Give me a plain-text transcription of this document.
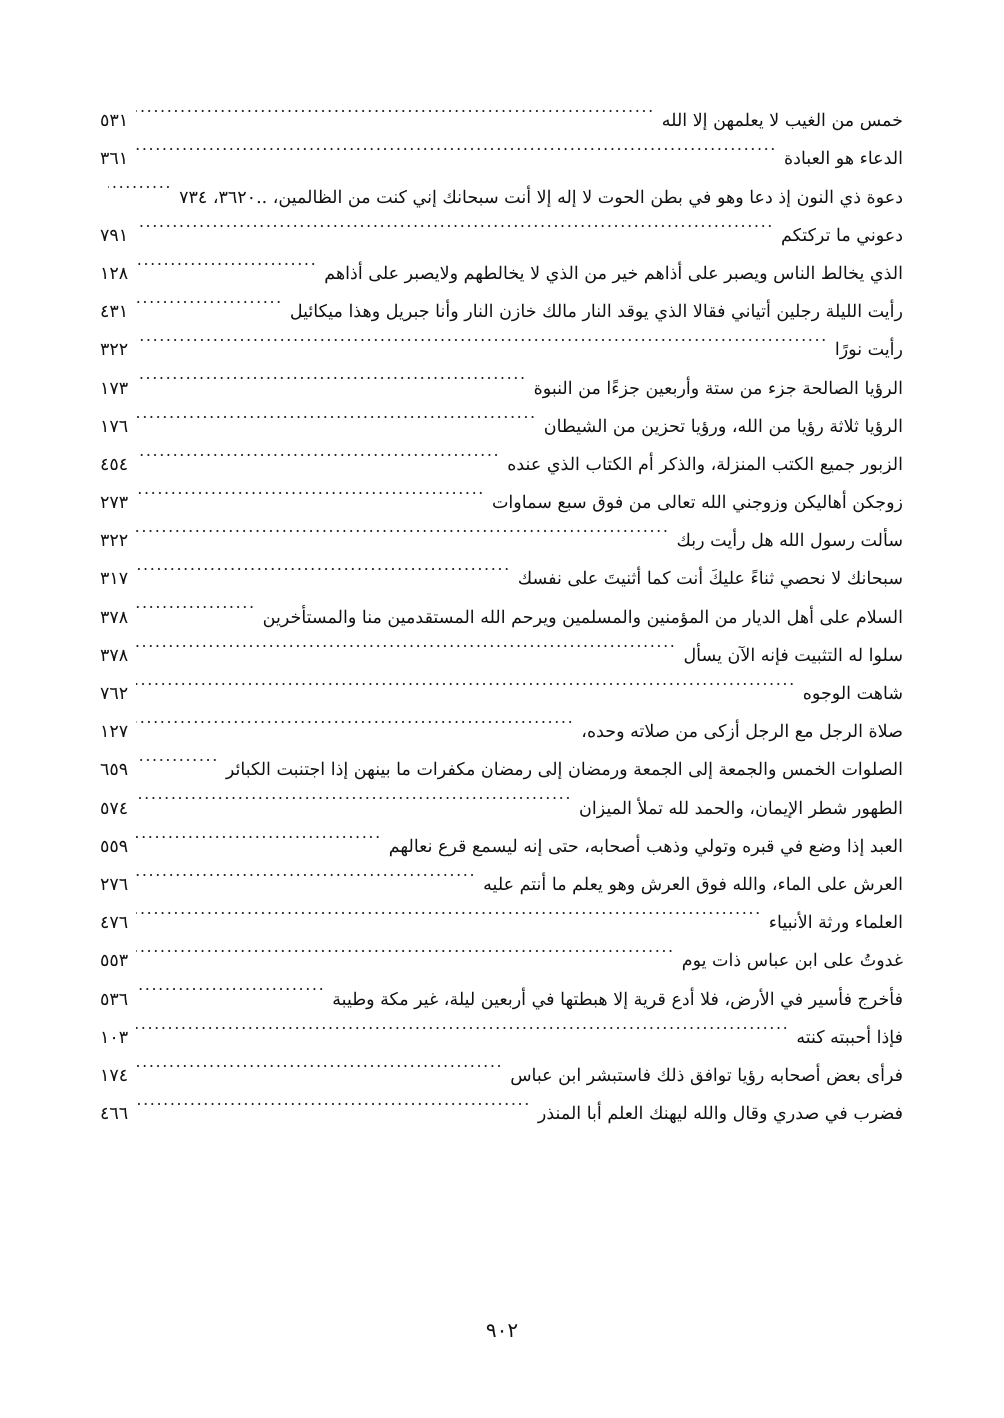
خمس من الغيب لا يعلمهن إلا الله
.....
٥٣١
الدعاء هو العبادة
.....
٣٦١
دعوة ذي النون إذ دعا وهو في بطن الحوت لا إله إلا أنت سبحانك إني كنت من الظالمين، ..٣٦٢٠، ٧٣٤
.....
دعوني ما تركتكم
.....
٧٩١
الذي يخالط الناس ويصبر على أذاهم خير من الذي لا يخالطهم ولايصبر على أذاهم
.....
١٢٨
رأيت الليلة رجلين أتياني فقالا الذي يوقد النار مالك خازن النار وأنا جبريل وهذا ميكائيل
.....
٤٣١
رأيت نورًا
.....
٣٢٢
الرؤيا الصالحة جزء من ستة وأربعين جزءًا من النبوة
.....
١٧٣
الرؤيا ثلاثة رؤيا من الله، ورؤيا تحزين من الشيطان
.....
١٧٦
الزبور جميع الكتب المنزلة، والذكر أم الكتاب الذي عنده
.....
٤٥٤
زوجكن أهاليكن وزوجني الله تعالى من فوق سبع سماوات
.....
٢٧٣
سألت رسول الله هل رأيت ربك
.....
٣٢٢
سبحانك لا نحصي ثناءً عليكَ أنت كما أثنيتَ على نفسك
.....
٣١٧
السلام على أهل الديار من المؤمنين والمسلمين ويرحم الله المستقدمين منا والمستأخرين
.....
٣٧٨
سلوا له التثبيت فإنه الآن يسأل
.....
٣٧٨
شاهت الوجوه
.....
٧٦٢
صلاة الرجل مع الرجل أزكى من صلاته وحده،
.....
١٢٧
الصلوات الخمس والجمعة إلى الجمعة ورمضان إلى رمضان مكفرات ما بينهن إذا اجتنبت الكبائر
.....
٦٥٩
الطهور شطر الإيمان، والحمد لله تملأ الميزان
.....
٥٧٤
العبد إذا وضع في قبره وتولي وذهب أصحابه، حتى إنه ليسمع قرع نعالهم
.....
٥٥٩
العرش على الماء، والله فوق العرش وهو يعلم ما أنتم عليه
.....
٢٧٦
العلماء ورثة الأنبياء
.....
٤٧٦
غدوتُ على ابن عباس ذات يوم
.....
٥٥٣
فأخرج فأسير في الأرض، فلا أدع قرية إلا هبطتها في أربعين ليلة، غير مكة وطيبة
.....
٥٣٦
فإذا أحببته كنته
.....
١٠٣
فرأى بعض أصحابه رؤيا توافق ذلك فاستبشر ابن عباس
.....
١٧٤
فضرب في صدري وقال والله ليهنك العلم أبا المنذر
.....
٤٦٦
٩٠٢
